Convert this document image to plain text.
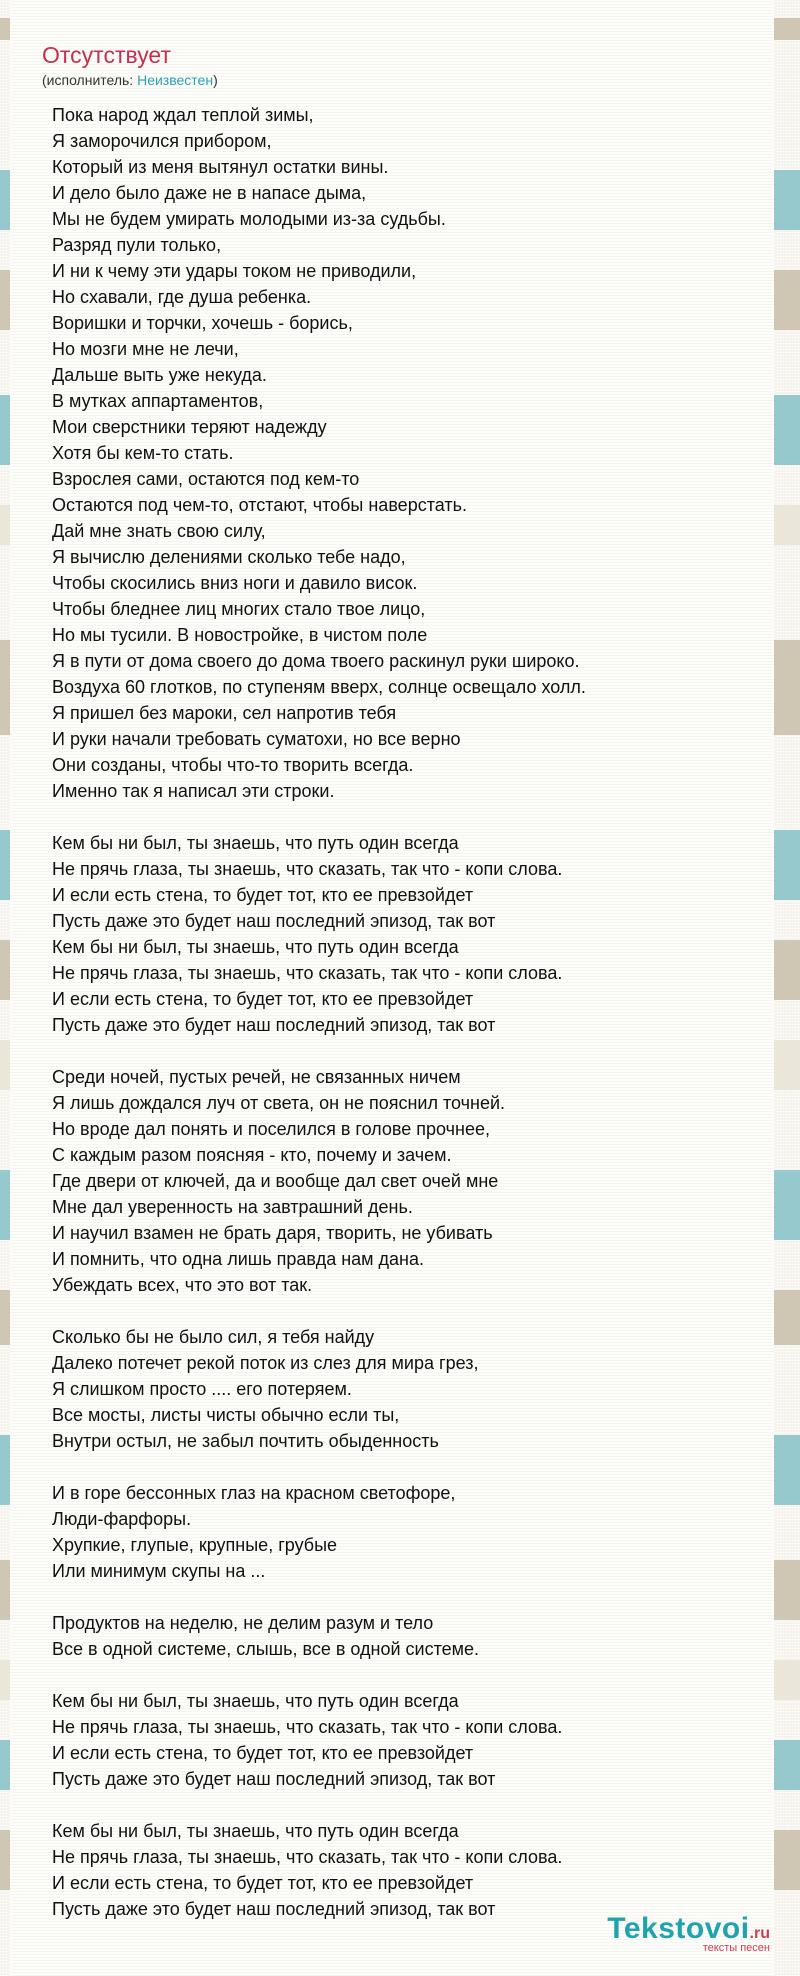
Отсутствует
(исполнитель: Неизвестен)
Пока народ ждал теплой зимы,
Я заморочился прибором,
Который из меня вытянул остатки вины.
И дело было даже не в напасе дыма,
Мы не будем умирать молодыми из-за судьбы.
Разряд пули только,
И ни к чему эти удары током не приводили,
Но схавали, где душа ребенка.
Воришки и торчки, хочешь - борись,
Но мозги мне не лечи,
Дальше выть уже некуда.
В мутках аппартаментов,
Мои сверстники теряют надежду
Хотя бы кем-то стать.
Взрослея сами, остаются под кем-то
Остаются под чем-то, отстают, чтобы наверстать.
Дай мне знать свою силу,
Я вычислю делениями сколько тебе надо,
Чтобы скосились вниз ноги и давило висок.
Чтобы бледнее лиц многих стало твое лицо,
Но мы тусили. В новостройке, в чистом поле
Я в пути от дома своего до дома твоего раскинул руки широко.
Воздуха 60 глотков, по ступеням вверх, солнце освещало холл.
Я пришел без мароки, сел напротив тебя
И руки начали требовать суматохи, но все верно
Они созданы, чтобы что-то творить всегда.
Именно так я написал эти строки.
Кем бы ни был, ты знаешь, что путь один всегда
Не прячь глаза, ты знаешь, что сказать, так что - копи слова.
И если есть стена, то будет тот, кто ее превзойдет
Пусть даже это будет наш последний эпизод, так вот
Кем бы ни был, ты знаешь, что путь один всегда
Не прячь глаза, ты знаешь, что сказать, так что - копи слова.
И если есть стена, то будет тот, кто ее превзойдет
Пусть даже это будет наш последний эпизод, так вот
Среди ночей, пустых речей, не связанных ничем
Я лишь дождался луч от света, он не пояснил точней.
Но вроде дал понять и поселился в голове прочнее,
С каждым разом поясняя - кто, почему и зачем.
Где двери от ключей, да и вообще дал свет очей мне
Мне дал уверенность на завтрашний день.
И научил взамен не брать даря, творить, не убивать
И помнить, что одна лишь правда нам дана.
Убеждать всех, что это вот так.
Сколько бы не было сил, я тебя найду
Далеко потечет рекой поток из слез для мира грез,
Я слишком просто .... его потеряем.
Все мосты, листы чисты обычно если ты,
Внутри остыл, не забыл почтить обыденность
И в горе бессонных глаз на красном светофоре,
Люди-фарфоры.
Хрупкие, глупые, крупные, грубые
Или минимум скупы на ...
Продуктов на неделю, не делим разум и тело
Все в одной системе, слышь, все в одной системе.
Кем бы ни был, ты знаешь, что путь один всегда
Не прячь глаза, ты знаешь, что сказать, так что - копи слова.
И если есть стена, то будет тот, кто ее превзойдет
Пусть даже это будет наш последний эпизод, так вот
Кем бы ни был, ты знаешь, что путь один всегда
Не прячь глаза, ты знаешь, что сказать, так что - копи слова.
И если есть стена, то будет тот, кто ее превзойдет
Пусть даже это будет наш последний эпизод, так вот
Tekstovoi.ru
тексты песен
